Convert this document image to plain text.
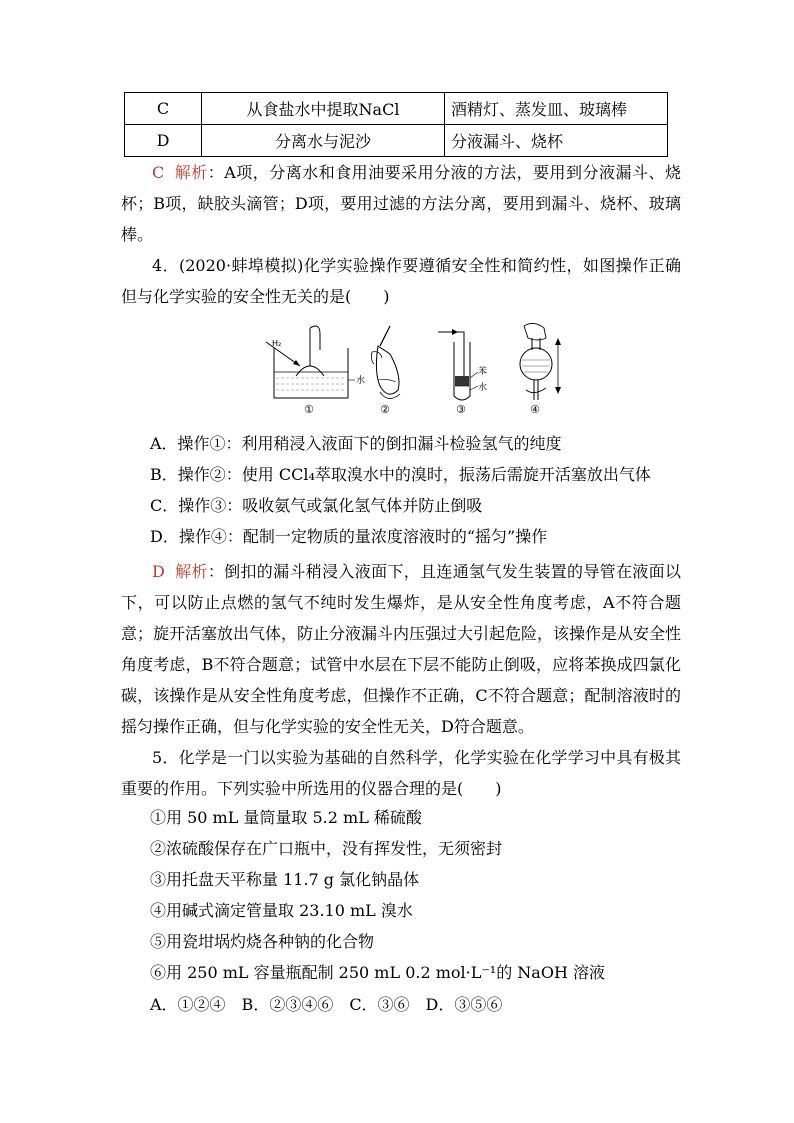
C	从食盐水中提取NaCl	酒精灯、蒸发皿、玻璃棒
D	分离水与泥沙	分液漏斗、烧杯

C 解析：A项，分离水和食用油要采用分液的方法，要用到分液漏斗、烧杯；B项，缺胶头滴管；D项，要用过滤的方法分离，要用到漏斗、烧杯、玻璃棒。

4．(2020·蚌埠模拟)化学实验操作要遵循安全性和简约性，如图操作正确但与化学实验的安全性无关的是(　　)

H₂
水
苯
水
①	②	③	④
A．操作①：利用稍浸入液面下的倒扣漏斗检验氢气的纯度
B．操作②：使用 CCl₄萃取溴水中的溴时，振荡后需旋开活塞放出气体
C．操作③：吸收氨气或氯化氢气体并防止倒吸
D．操作④：配制一定物质的量浓度溶液时的“摇匀”操作

D 解析：倒扣的漏斗稍浸入液面下，且连通氢气发生装置的导管在液面以下，可以防止点燃的氢气不纯时发生爆炸，是从安全性角度考虑，A不符合题意；旋开活塞放出气体，防止分液漏斗内压强过大引起危险，该操作是从安全性角度考虑，B不符合题意；试管中水层在下层不能防止倒吸，应将苯换成四氯化碳，该操作是从安全性角度考虑，但操作不正确，C不符合题意；配制溶液时的摇匀操作正确，但与化学实验的安全性无关，D符合题意。

5．化学是一门以实验为基础的自然科学，化学实验在化学学习中具有极其重要的作用。下列实验中所选用的仪器合理的是(　　)

①用 50 mL 量筒量取 5.2 mL 稀硫酸
②浓硫酸保存在广口瓶中，没有挥发性，无须密封
③用托盘天平称量 11.7 g 氯化钠晶体
④用碱式滴定管量取 23.10 mL 溴水
⑤用瓷坩埚灼烧各种钠的化合物
⑥用 250 mL 容量瓶配制 250 mL 0.2 mol·L⁻¹的 NaOH 溶液
A．①②④　B．②③④⑥　C．③⑥　D．③⑤⑥
